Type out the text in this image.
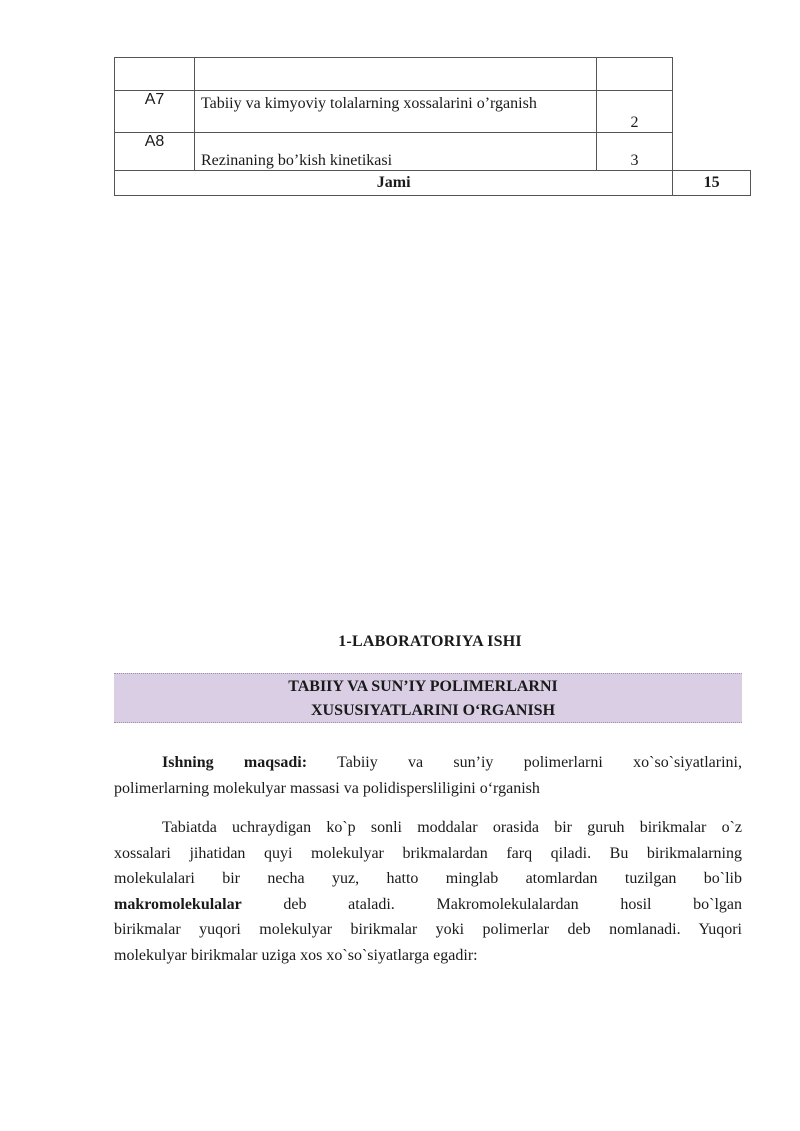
A7	Tabiiy va kimyoviy tolalarning xossalarini o’rganish	2	
A8	Rezinaning bo’kish kinetikasi	3	
Jami			15
1-LABORATORIYA ISHI
TABIIY VA SUN’IY POLIMERLARNI
XUSUSIYATLARINI O‘RGANISH
Ishning maqsadi: Tabiiy va sun’iy polimerlarni xo`so`siyatlarini,
polimerlarning molekulyar massasi va polidispersliligini o‘rganish
Tabiatda uchraydigan ko`p sonli moddalar orasida bir guruh birikmalar o`z
xossalari jihatidan quyi molekulyar brikmalardan farq qiladi. Bu birikmalarning
molekulalari bir necha yuz, hatto minglab atomlardan tuzilgan bo`lib
makromolekulalar	deb ataladi. Makromolekulalardan hosil bo`lgan
birikmalar yuqori molekulyar birikmalar yoki polimerlar deb nomlanadi. Yuqori
molekulyar birikmalar uziga xos xo`so`siyatlarga egadir:
